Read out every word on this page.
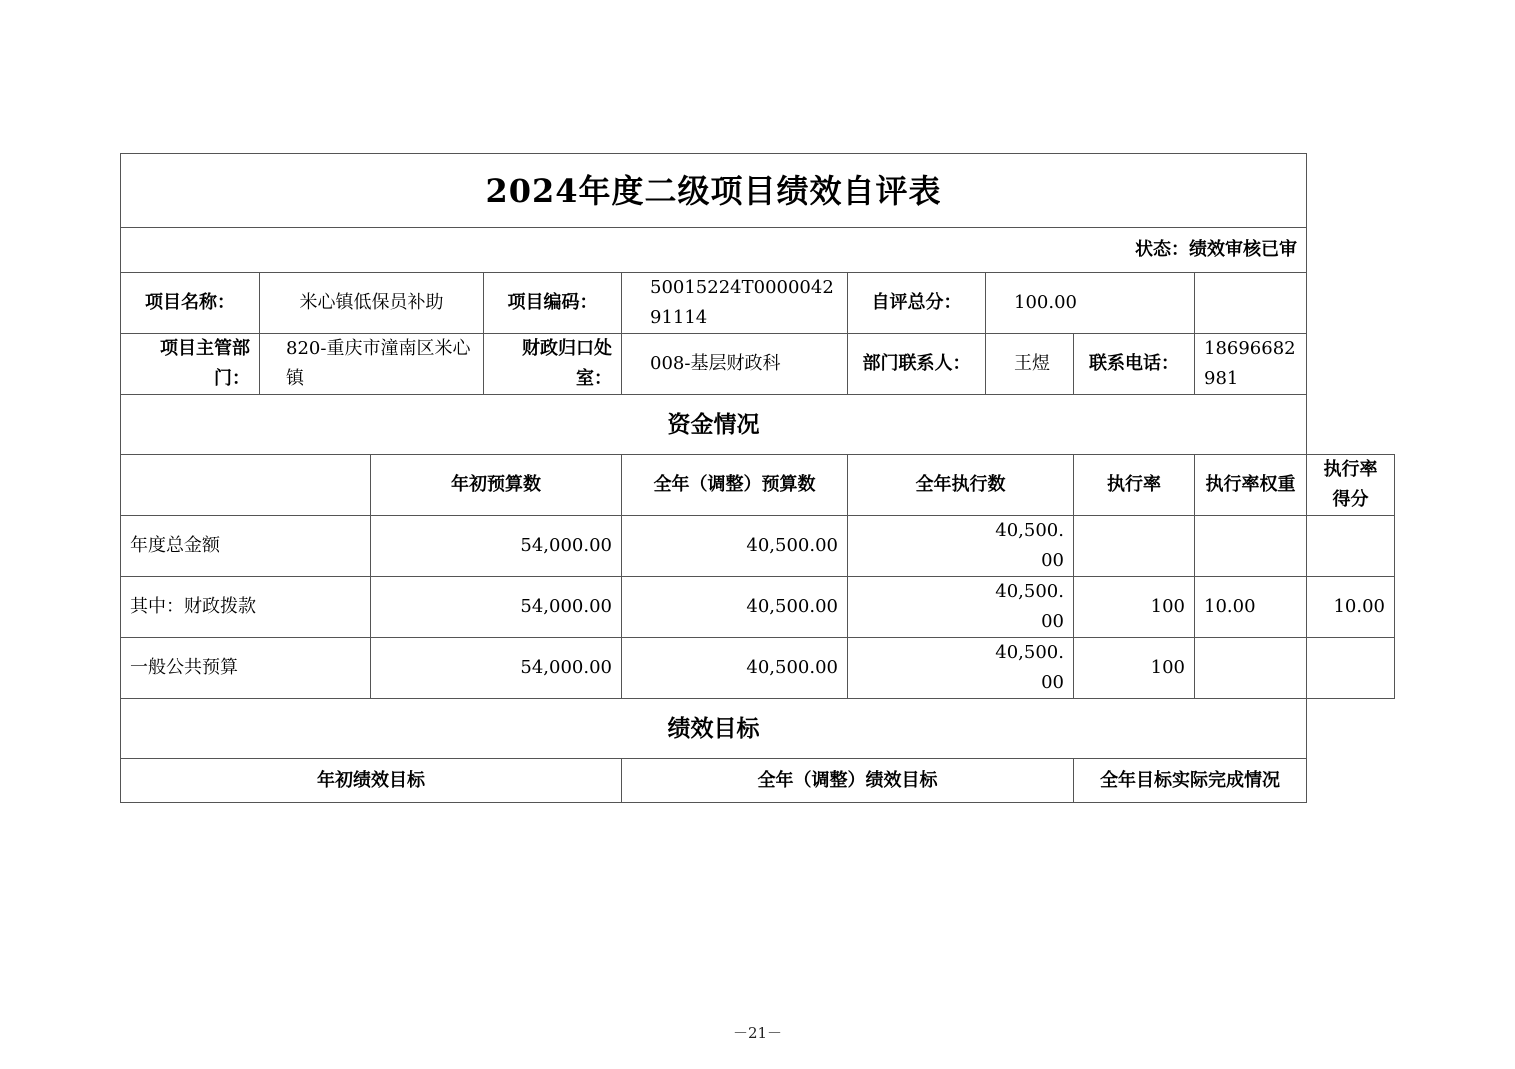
2024年度二级项目绩效自评表									
状态：绩效审核已审									
项目名称：	米心镇低保员补助		项目编码：	50015224T000004291114	自评总分：	100.00			
项目主管部门：	820-重庆市潼南区米心镇		财政归口处室：	008-基层财政科	部门联系人：	王煜	联系电话：	18696682981	
资金情况									
		年初预算数		全年（调整）预算数	全年执行数		执行率	执行率权重	执行率得分
年度总金额		54,000.00		40,500.00	40,500.00				
其中：财政拨款		54,000.00		40,500.00	40,500.00		100	10.00	10.00
一般公共预算		54,000.00		40,500.00	40,500.00		100		
绩效目标									
年初绩效目标				全年（调整）绩效目标			全年目标实际完成情况		
－21－
